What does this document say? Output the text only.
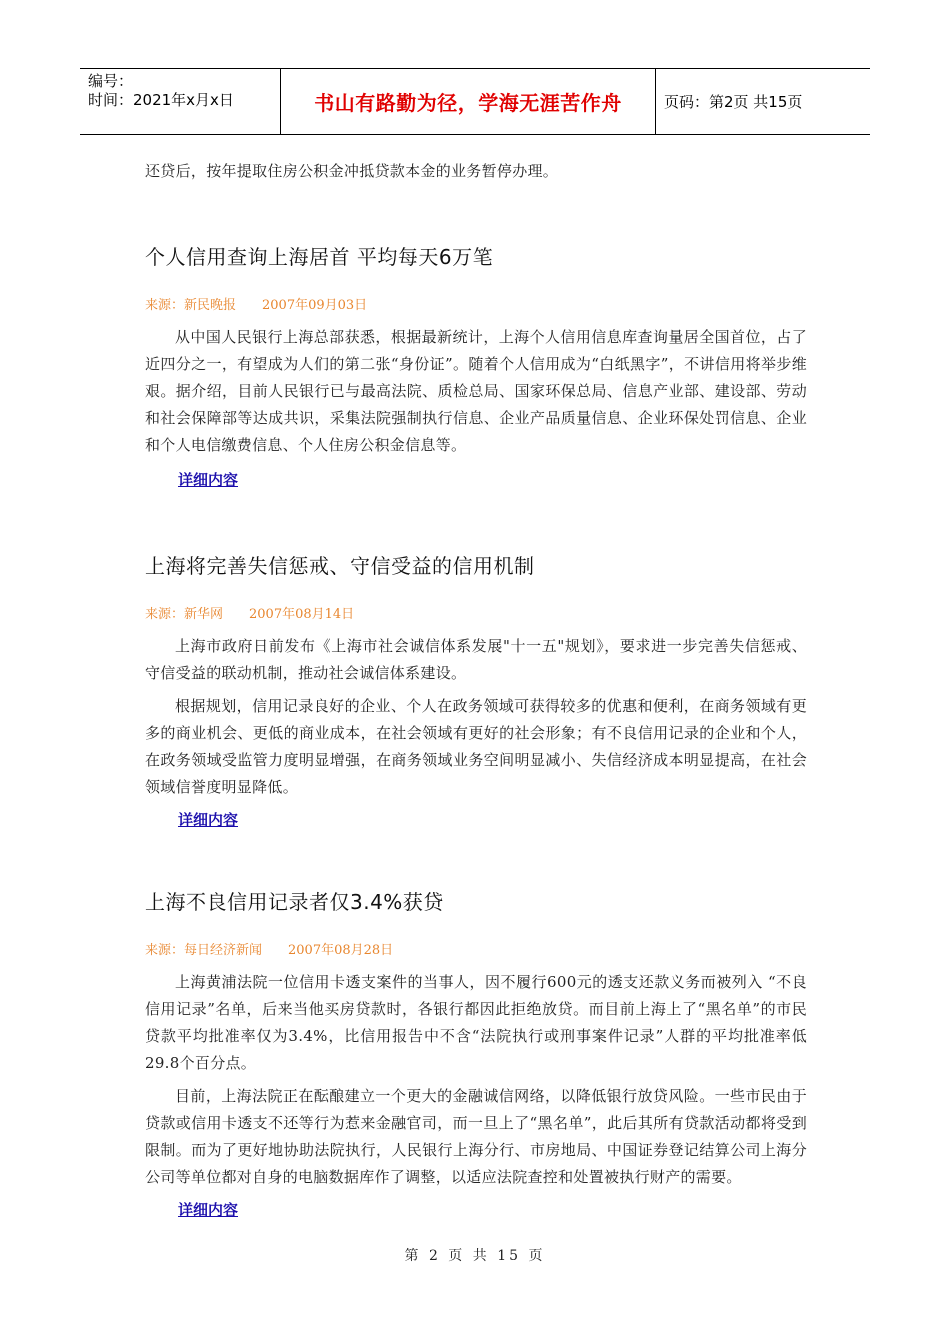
编号：
时间：2021年x月x日	书山有路勤为径，学海无涯苦作舟	页码：第2页 共15页

还贷后，按年提取住房公积金冲抵贷款本金的业务暂停办理。

个人信用查询上海居首 平均每天6万笔

来源：新民晚报 2007年09月03日

从中国人民银行上海总部获悉，根据最新统计，上海个人信用信息库查询量居全国首位，占了近四分之一，有望成为人们的第二张“身份证”。随着个人信用成为“白纸黑字”，不讲信用将举步维艰。据介绍，目前人民银行已与最高法院、质检总局、国家环保总局、信息产业部、建设部、劳动和社会保障部等达成共识，采集法院强制执行信息、企业产品质量信息、企业环保处罚信息、企业和个人电信缴费信息、个人住房公积金信息等。

详细内容
上海将完善失信惩戒、守信受益的信用机制

来源：新华网 2007年08月14日

上海市政府日前发布《上海市社会诚信体系发展"十一五"规划》，要求进一步完善失信惩戒、守信受益的联动机制，推动社会诚信体系建设。

根据规划，信用记录良好的企业、个人在政务领域可获得较多的优惠和便利，在商务领域有更多的商业机会、更低的商业成本，在社会领域有更好的社会形象；有不良信用记录的企业和个人，在政务领域受监管力度明显增强，在商务领域业务空间明显减小、失信经济成本明显提高，在社会领域信誉度明显降低。

详细内容
上海不良信用记录者仅3.4%获贷

来源：每日经济新闻 2007年08月28日

上海黄浦法院一位信用卡透支案件的当事人，因不履行600元的透支还款义务而被列入 “不良信用记录”名单，后来当他买房贷款时，各银行都因此拒绝放贷。而目前上海上了“黑名单”的市民贷款平均批准率仅为3.4%，比信用报告中不含“法院执行或刑事案件记录”人群的平均批准率低29.8个百分点。

目前，上海法院正在酝酿建立一个更大的金融诚信网络，以降低银行放贷风险。一些市民由于贷款或信用卡透支不还等行为惹来金融官司，而一旦上了“黑名单”，此后其所有贷款活动都将受到限制。而为了更好地协助法院执行，人民银行上海分行、市房地局、中国证券登记结算公司上海分公司等单位都对自身的电脑数据库作了调整，以适应法院查控和处置被执行财产的需要。

详细内容
第 2 页 共 15 页
